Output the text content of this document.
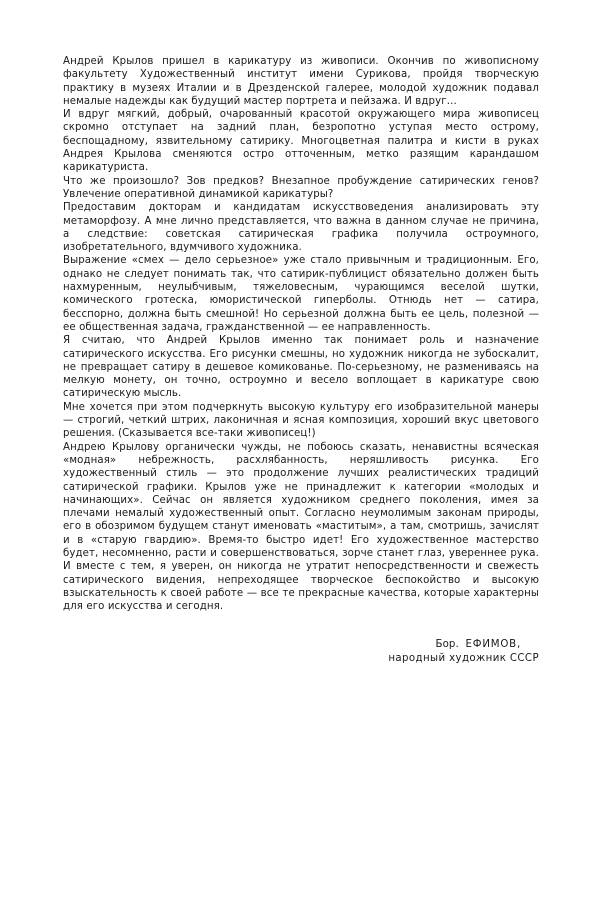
Андрей Крылов пришел в карикатуру из живописи. Окончив по живописному факультету Художественный институт имени Сурикова, пройдя творческую практику в музеях Италии и в Дрезденской галерее, молодой художник подавал немалые надежды как будущий мастер портрета и пейзажа. И вдруг…

И вдруг мягкий, добрый, очарованный красотой окружающего мира живописец скромно отступает на задний план, безропотно уступая место острому, беспощадному, язвительному сатирику. Многоцветная палитра и кисти в руках Андрея Крылова сменяются остро отточенным, метко разящим карандашом карикатуриста.

Что же произошло? Зов предков? Внезапное пробуждение сатирических генов? Увлечение оперативной динамикой карикатуры?

Предоставим докторам и кандидатам искусствоведения анализировать эту метаморфозу. А мне лично представляется, что важна в данном случае не причина, а следствие: советская сатирическая графика получила остроумного, изобретательного, вдумчивого художника.

Выражение «смех — дело серьезное» уже стало привычным и традиционным. Его, однако не следует понимать так, что сатирик-публицист обязательно должен быть нахмуренным, неулыбчивым, тяжеловесным, чурающимся веселой шутки, комического гротеска, юмористической гиперболы. Отнюдь нет — сатира, бесспорно, должна быть смешной! Но серьезной должна быть ее цель, полезной — ее общественная задача, гражданственной — ее направленность.

Я считаю, что Андрей Крылов именно так понимает роль и назначение сатирического искусства. Его рисунки смешны, но художник никогда не зубоскалит, не превращает сатиру в дешевое комикованье. По-серьезному, не размениваясь на мелкую монету, он точно, остроумно и весело воплощает в карикатуре свою сатирическую мысль.

Мне хочется при этом подчеркнуть высокую культуру его изобразительной манеры — строгий, четкий штрих, лаконичная и ясная композиция, хороший вкус цветового решения. (Сказывается все-таки живописец!)

Андрею Крылову органически чужды, не побоюсь сказать, ненавистны всяческая «модная» небрежность, расхлябанность, неряшливость рисунка. Его художественный стиль — это продолжение лучших реалистических традиций сатирической графики. Крылов уже не принадлежит к категории «молодых и начинающих». Сейчас он является художником среднего поколения, имея за плечами немалый художественный опыт. Согласно неумолимым законам природы, его в обозримом будущем станут именовать «маститым», а там, смотришь, зачислят и в «старую гвардию». Время-то быстро идет! Его художественное мастерство будет, несомненно, расти и совершенствоваться, зорче станет глаз, увереннее рука. И вместе с тем, я уверен, он никогда не утратит непосредственности и свежесть сатирического видения, непреходящее творческое беспокойство и высокую взыскательность к своей работе — все те прекрасные качества, которые характерны для его искусства и сегодня.

Бор. ЕФИМОВ,
народный художник СССР
